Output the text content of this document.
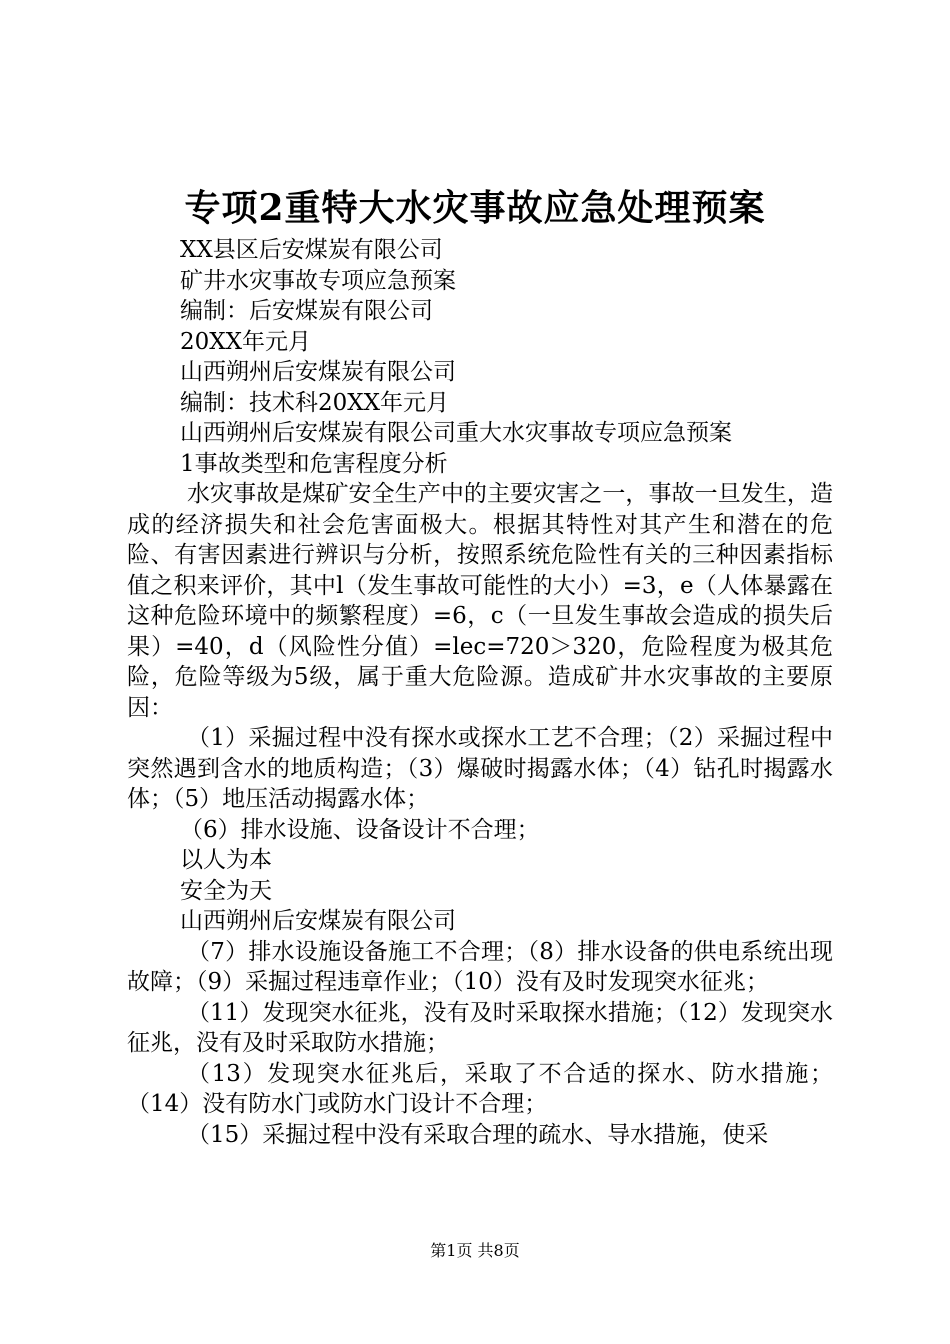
专项2重特大水灾事故应急处理预案
XX县区后安煤炭有限公司
矿井水灾事故专项应急预案
编制：后安煤炭有限公司
20XX年元月
山西朔州后安煤炭有限公司
编制：技术科20XX年元月
山西朔州后安煤炭有限公司重大水灾事故专项应急预案
1事故类型和危害程度分析
水灾事故是煤矿安全生产中的主要灾害之一，事故一旦发生，造成的经济损失和社会危害面极大。根据其特性对其产生和潜在的危险、有害因素进行辨识与分析，按照系统危险性有关的三种因素指标值之积来评价，其中l（发生事故可能性的大小）=3，e（人体暴露在这种危险环境中的频繁程度）=6，c（一旦发生事故会造成的损失后果）=40，d（风险性分值）=lec=720＞320，危险程度为极其危险，危险等级为5级，属于重大危险源。造成矿井水灾事故的主要原因：
（1）采掘过程中没有探水或探水工艺不合理；（2）采掘过程中突然遇到含水的地质构造；（3）爆破时揭露水体；（4）钻孔时揭露水体；（5）地压活动揭露水体；
（6）排水设施、设备设计不合理；
以人为本
安全为天
山西朔州后安煤炭有限公司
（7）排水设施设备施工不合理；（8）排水设备的供电系统出现故障；（9）采掘过程违章作业；（10）没有及时发现突水征兆；
（11）发现突水征兆，没有及时采取探水措施；（12）发现突水征兆，没有及时采取防水措施；
（13）发现突水征兆后，采取了不合适的探水、防水措施；（14）没有防水门或防水门设计不合理；
（15）采掘过程中没有采取合理的疏水、导水措施，使采
第1页 共8页
